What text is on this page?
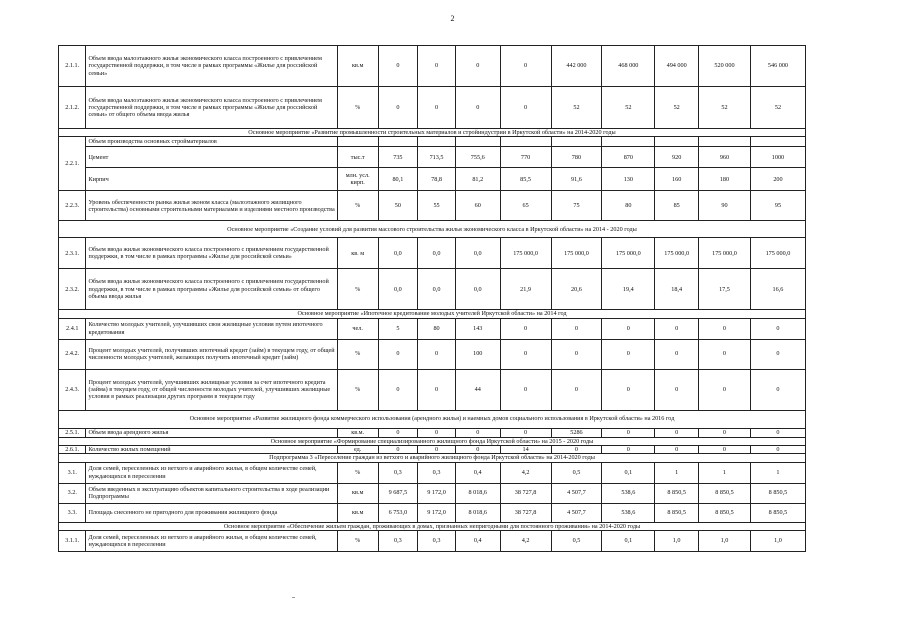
2
2.1.1.	Объем ввода малоэтажного жилья экономического класса построенного с привлечением государственной поддержки, в том числе в рамках программы «Жилье для российской семьи»	кв.м	0	0	0	0	442 000	468 000	494 000	520 000	546 000
2.1.2.	Объем ввода малоэтажного жилья экономического класса построенного с привлечением государственной поддержки, в том числе в рамках программы «Жилье для российской семьи» от общего объема ввода жилья	%	0	0	0	0	52	52	52	52	52
Основное мероприятие «Развитие промышленности строительных материалов и стройиндустрии в Иркутской области» на 2014-2020 годы											
2.2.1.	Объем производства основных стройматериалов										
	Цемент	тыс.т	735	713,5	755,6	770	780	870	920	960	1000
	Кирпич	млн. усл. кирп.	80,1	78,8	81,2	85,5	91,6	130	160	180	200
2.2.3.	Уровень обеспеченности рынка жилья эконом класса (малоэтажного жилищного строительства) основными строительными материалами и изделиями местного производства	%	50	55	60	65	75	80	85	90	95
Основное мероприятие «Создание условий для развития массового строительства жилья экономического класса в Иркутской области» на 2014 - 2020 годы											
2.3.1.	Объем ввода жилья экономического класса построенного с привлечением государственной поддержки, в том числе в рамках программы «Жилье для российской семьи»	кв. м	0,0	0,0	0,0	175 000,0	175 000,0	175 000,0	175 000,0	175 000,0	175 000,0
2.3.2.	Объем ввода жилья экономического класса построенного с привлечением государственной поддержки, в том числе в рамках программы «Жилье для российской семьи» от общего объема ввода жилья	%	0,0	0,0	0,0	21,9	20,6	19,4	18,4	17,5	16,6
Основное мероприятие «Ипотечное кредитование молодых учителей Иркутской области» на 2014 год											
2.4.1	Количество молодых учителей, улучшивших свои жилищные условия путем ипотечного кредитования	чел.	5	80	143	0	0	0	0	0	0
2.4.2.	Процент молодых учителей, получивших ипотечный кредит (займ) в текущем году, от общей численности молодых учителей, желающих получить ипотечный кредит (займ)	%	0	0	100	0	0	0	0	0	0
2.4.3.	Процент молодых учителей, улучшивших жилищные условия за счет ипотечного кредита (займа) в текущем году, от общей численности молодых учителей, улучшивших жилищные условия в рамках реализации других программ в текущем году	%	0	0	44	0	0	0	0	0	0
Основное мероприятие «Развитие жилищного фонда коммерческого использования (арендного жилья) и наемных домов социального использования в Иркутской области» на 2016 год											
2.5.1.	Объем ввода арендного жилья	кв.м.	0	0	0	0	5286	0	0	0	0
Основное мероприятие «Формирование специализированного жилищного фонда Иркутской области» на 2015 - 2020 годы											
2.6.1.	Количество жилых помещений	ед.	0	0	0	14	0	0	0	0	0
Подпрограмма 3 «Переселение граждан из ветхого и аварийного жилищного фонда Иркутской области» на 2014-2020 годы											
3.1.	Доля семей, переселенных из ветхого и аварийного жилья, в общем количестве семей, нуждающихся в переселении	%	0,3	0,3	0,4	4,2	0,5	0,1	1	1	1
3.2.	Объем введенных в эксплуатацию объектов капитального строительства в ходе реализации Подпрограммы	кв.м	9 687,5	9 172,0	8 018,6	38 727,8	4 507,7	538,6	8 850,5	8 850,5	8 850,5
3.3.	Площадь снесенного не пригодного для проживания жилищного фонда	кв.м	6 753,0	9 172,0	8 018,6	38 727,8	4 507,7	538,6	8 850,5	8 850,5	8 850,5
Основное мероприятие «Обеспечение жильем граждан, проживающих в домах, признанных непригодными для постоянного проживания» на 2014-2020 годы											
3.1.1.	Доля семей, переселенных из ветхого и аварийного жилья, в общем количестве семей, нуждающихся в переселении	%	0,3	0,3	0,4	4,2	0,5	0,1	1,0	1,0	1,0
